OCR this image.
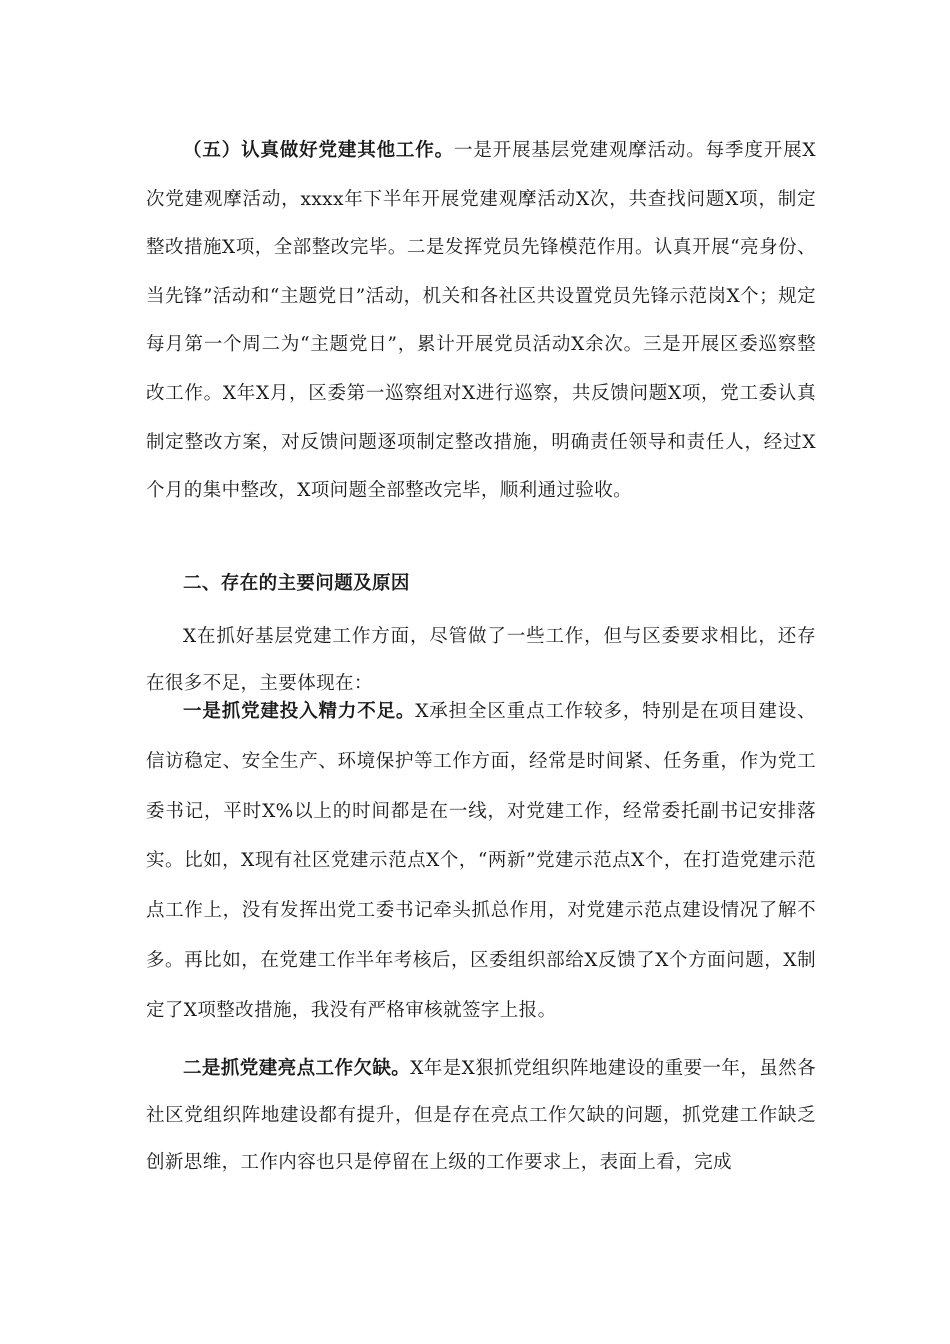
（五）认真做好党建其他工作。一是开展基层党建观摩活动。每季度开展X次党建观摩活动，xxxx年下半年开展党建观摩活动X次，共查找问题X项，制定整改措施X项，全部整改完毕。二是发挥党员先锋模范作用。认真开展“亮身份、当先锋”活动和“主题党日”活动，机关和各社区共设置党员先锋示范岗X个；规定每月第一个周二为“主题党日”，累计开展党员活动X余次。三是开展区委巡察整改工作。X年X月，区委第一巡察组对X进行巡察，共反馈问题X项，党工委认真制定整改方案，对反馈问题逐项制定整改措施，明确责任领导和责任人，经过X个月的集中整改，X项问题全部整改完毕，顺利通过验收。
二、存在的主要问题及原因
X在抓好基层党建工作方面，尽管做了一些工作，但与区委要求相比，还存在很多不足，主要体现在：
一是抓党建投入精力不足。X承担全区重点工作较多，特别是在项目建设、信访稳定、安全生产、环境保护等工作方面，经常是时间紧、任务重，作为党工委书记，平时X%以上的时间都是在一线，对党建工作，经常委托副书记安排落实。比如，X现有社区党建示范点X个，“两新”党建示范点X个，在打造党建示范点工作上，没有发挥出党工委书记牵头抓总作用，对党建示范点建设情况了解不多。再比如，在党建工作半年考核后，区委组织部给X反馈了X个方面问题，X制定了X项整改措施，我没有严格审核就签字上报。
二是抓党建亮点工作欠缺。X年是X狠抓党组织阵地建设的重要一年，虽然各社区党组织阵地建设都有提升，但是存在亮点工作欠缺的问题，抓党建工作缺乏创新思维，工作内容也只是停留在上级的工作要求上，表面上看，完成
